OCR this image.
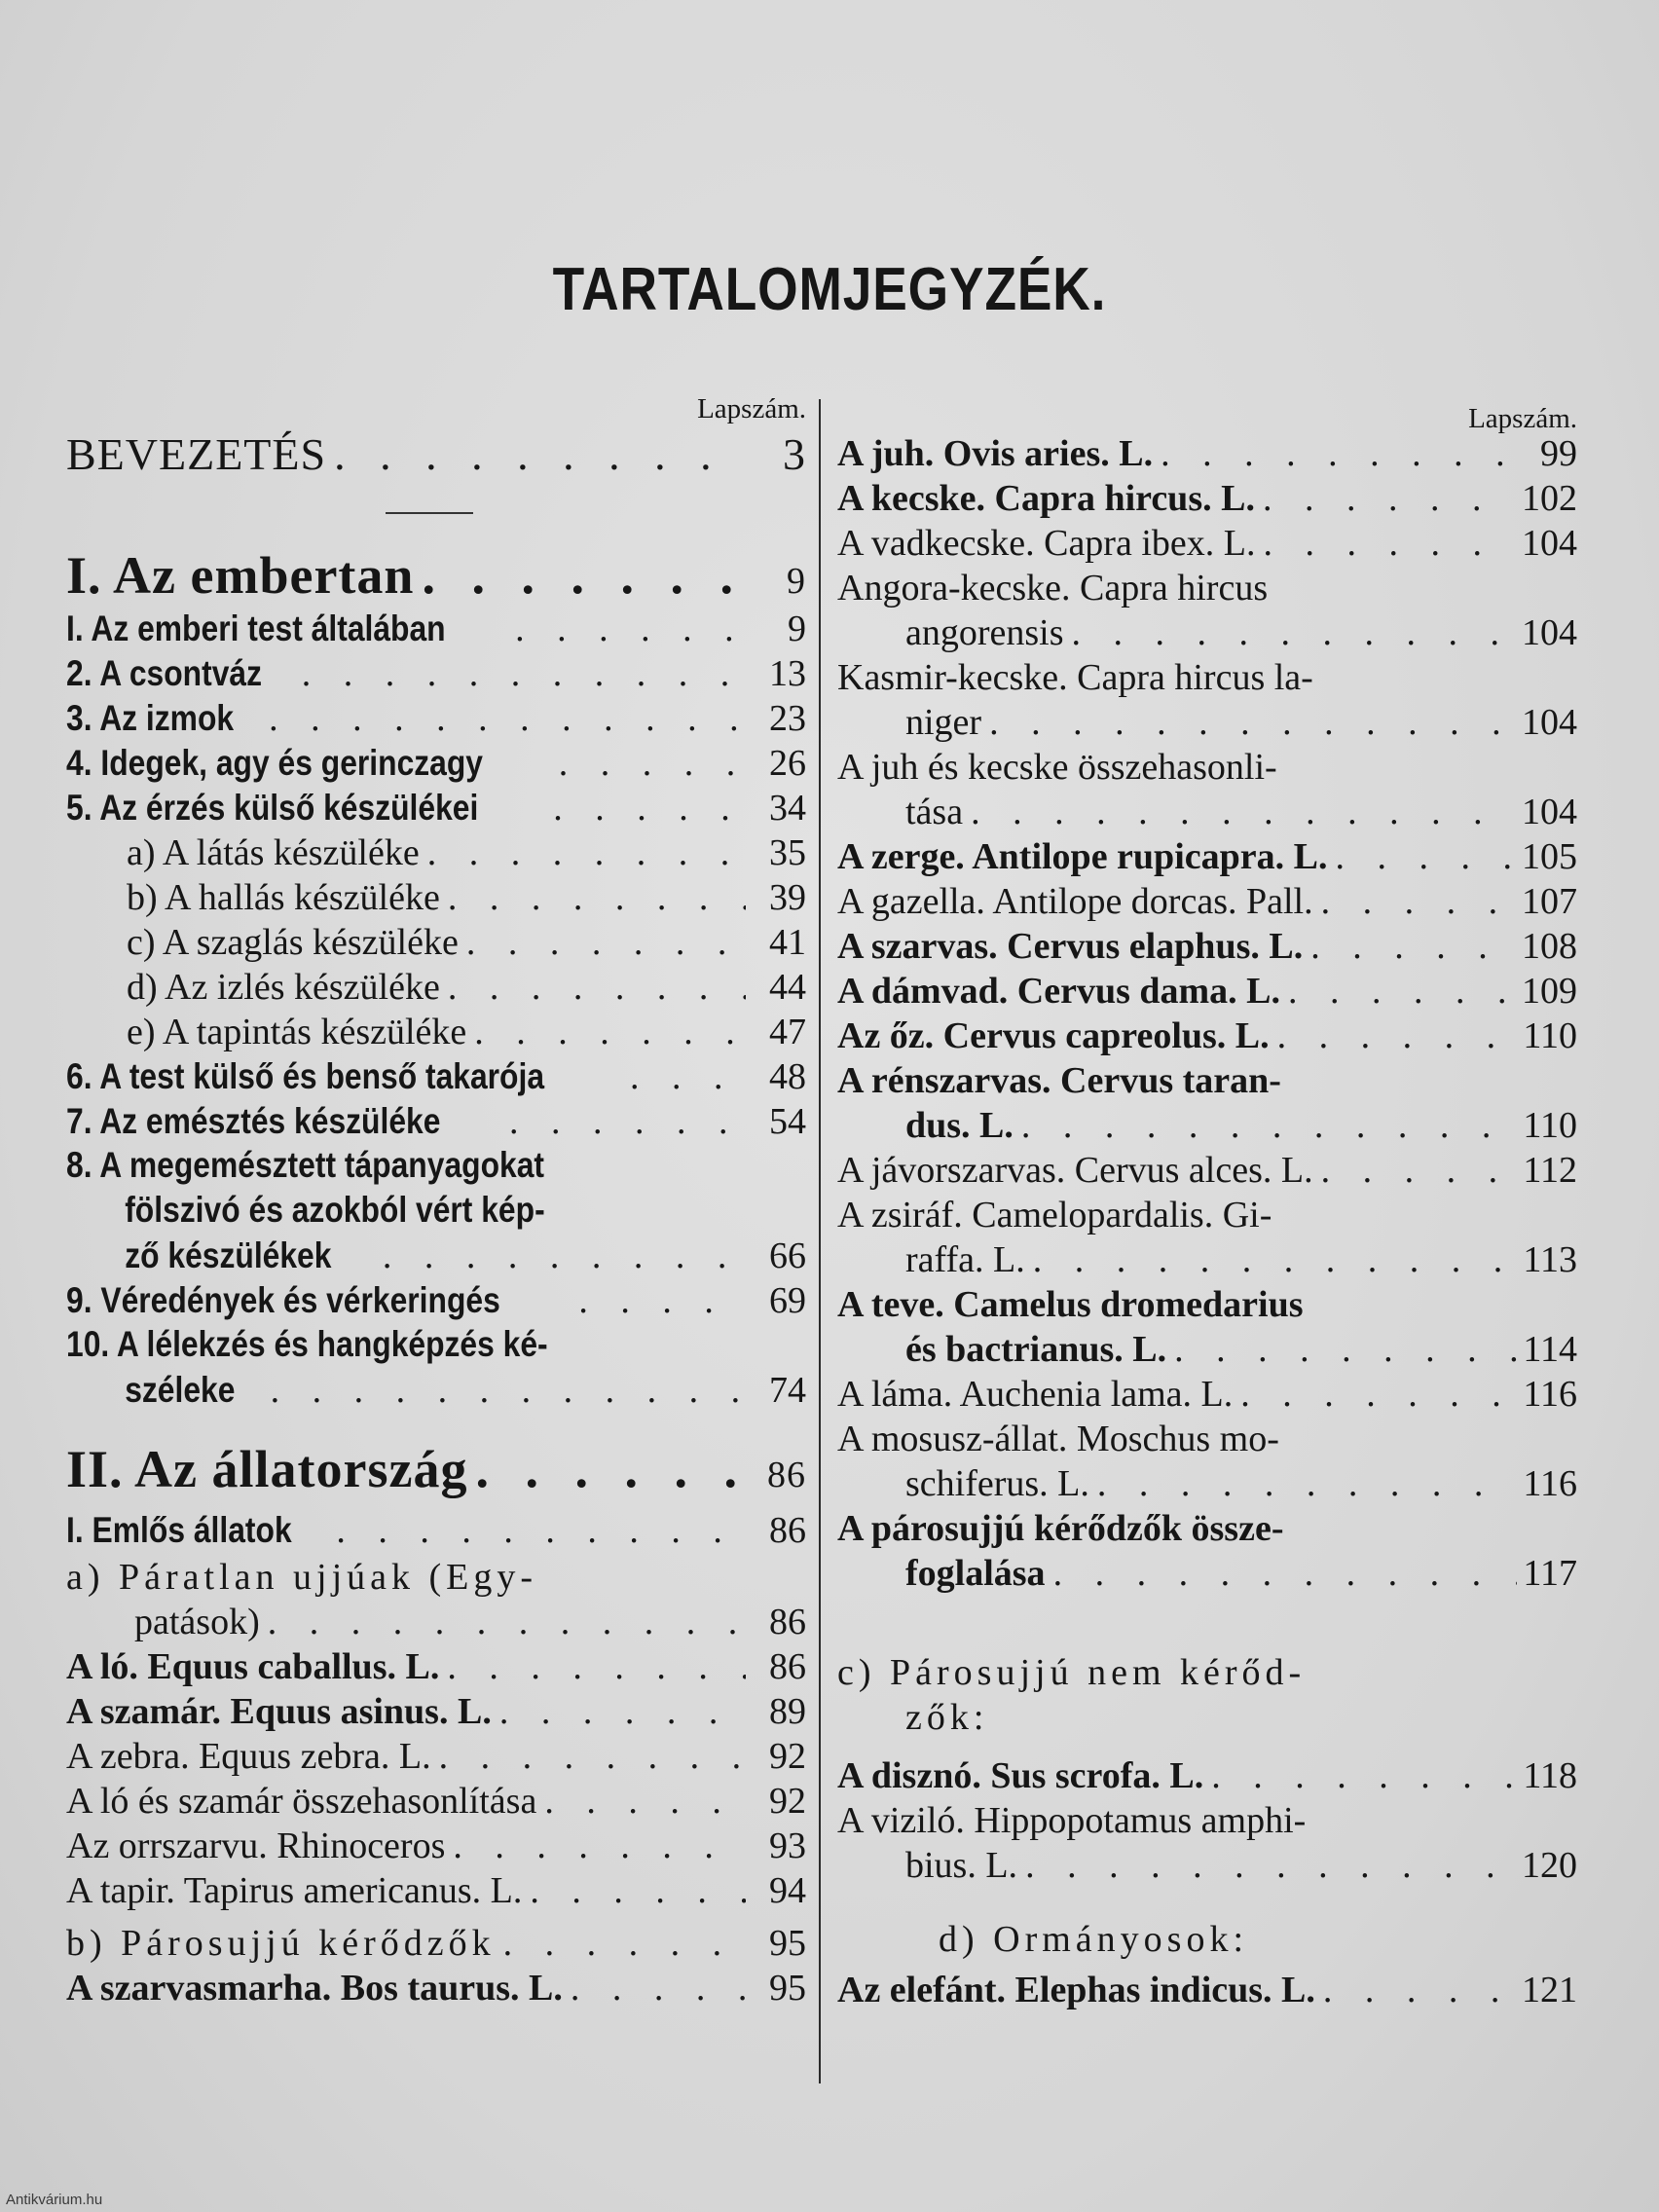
TARTALOMJEGYZÉK.
Lapszám.
BEVEZETÉS . . .	3
I. Az embertan . . .	9
I. Az emberi test általában . . .	9
2. A csontváz . . .	13
3. Az izmok . . .	23
4. Idegek, agy és gerinczagy . . .	26
5. Az érzés külső készülékei . . .	34
a) A látás készüléke . . .	35
b) A hallás készüléke . . .	39
c) A szaglás készüléke . . .	41
d) Az izlés készüléke . . .	44
e) A tapintás készüléke . . .	47
6. A test külső és benső takarója . . .	48
7. Az emésztés készüléke . . .	54
8. A megemésztett tápanyagokat
fölszivó és azokból vért kép-
ző készülékek . . .	66
9. Véredények és vérkeringés . . .	69
10. A lélekzés és hangképzés ké-
széleke . . .	74
II. Az állatország . . .	86
I. Emlős állatok . . .	86
a) Páratlan ujjúak (Egy-
patások) . . .	86
A ló. Equus caballus. L. . . .	86
A szamár. Equus asinus. L. . . .	89
A zebra. Equus zebra. L. . . .	92
A ló és szamár összehasonlítása . . .	92
Az orrszarvu. Rhinoceros . . .	93
A tapir. Tapirus americanus. L. . . .	94
b) Párosujjú kérődzők . . .	95
A szarvasmarha. Bos taurus. L. . . .	95
Lapszám.
A juh. Ovis aries. L. . . .	99
A kecske. Capra hircus. L. . . .	102
A vadkecske. Capra ibex. L. . . .	104
Angora-kecske. Capra hircus
angorensis . . .	104
Kasmir-kecske. Capra hircus la-
niger . . .	104
A juh és kecske összehasonli-
tása . . .	104
A zerge. Antilope rupicapra. L. . . .	105
A gazella. Antilope dorcas. Pall. . . .	107
A szarvas. Cervus elaphus. L. . . .	108
A dámvad. Cervus dama. L. . . .	109
Az őz. Cervus capreolus. L. . . .	110
A rénszarvas. Cervus taran-
dus. L. . . .	110
A jávorszarvas. Cervus alces. L. . . .	112
A zsiráf. Camelopardalis. Gi-
raffa. L. . . .	113
A teve. Camelus dromedarius
és bactrianus. L. . . .	114
A láma. Auchenia lama. L. . . .	116
A mosusz-állat. Moschus mo-
schiferus. L. . . .	116
A párosujjú kérődzők össze-
foglalása . . .	117
c) Párosujjú nem kérőd-
zők:
A disznó. Sus scrofa. L. . . .	118
A viziló. Hippopotamus amphi-
bius. L. . . .	120
d) Ormányosok:
Az elefánt. Elephas indicus. L. . . .	121
Antikvárium.hu
